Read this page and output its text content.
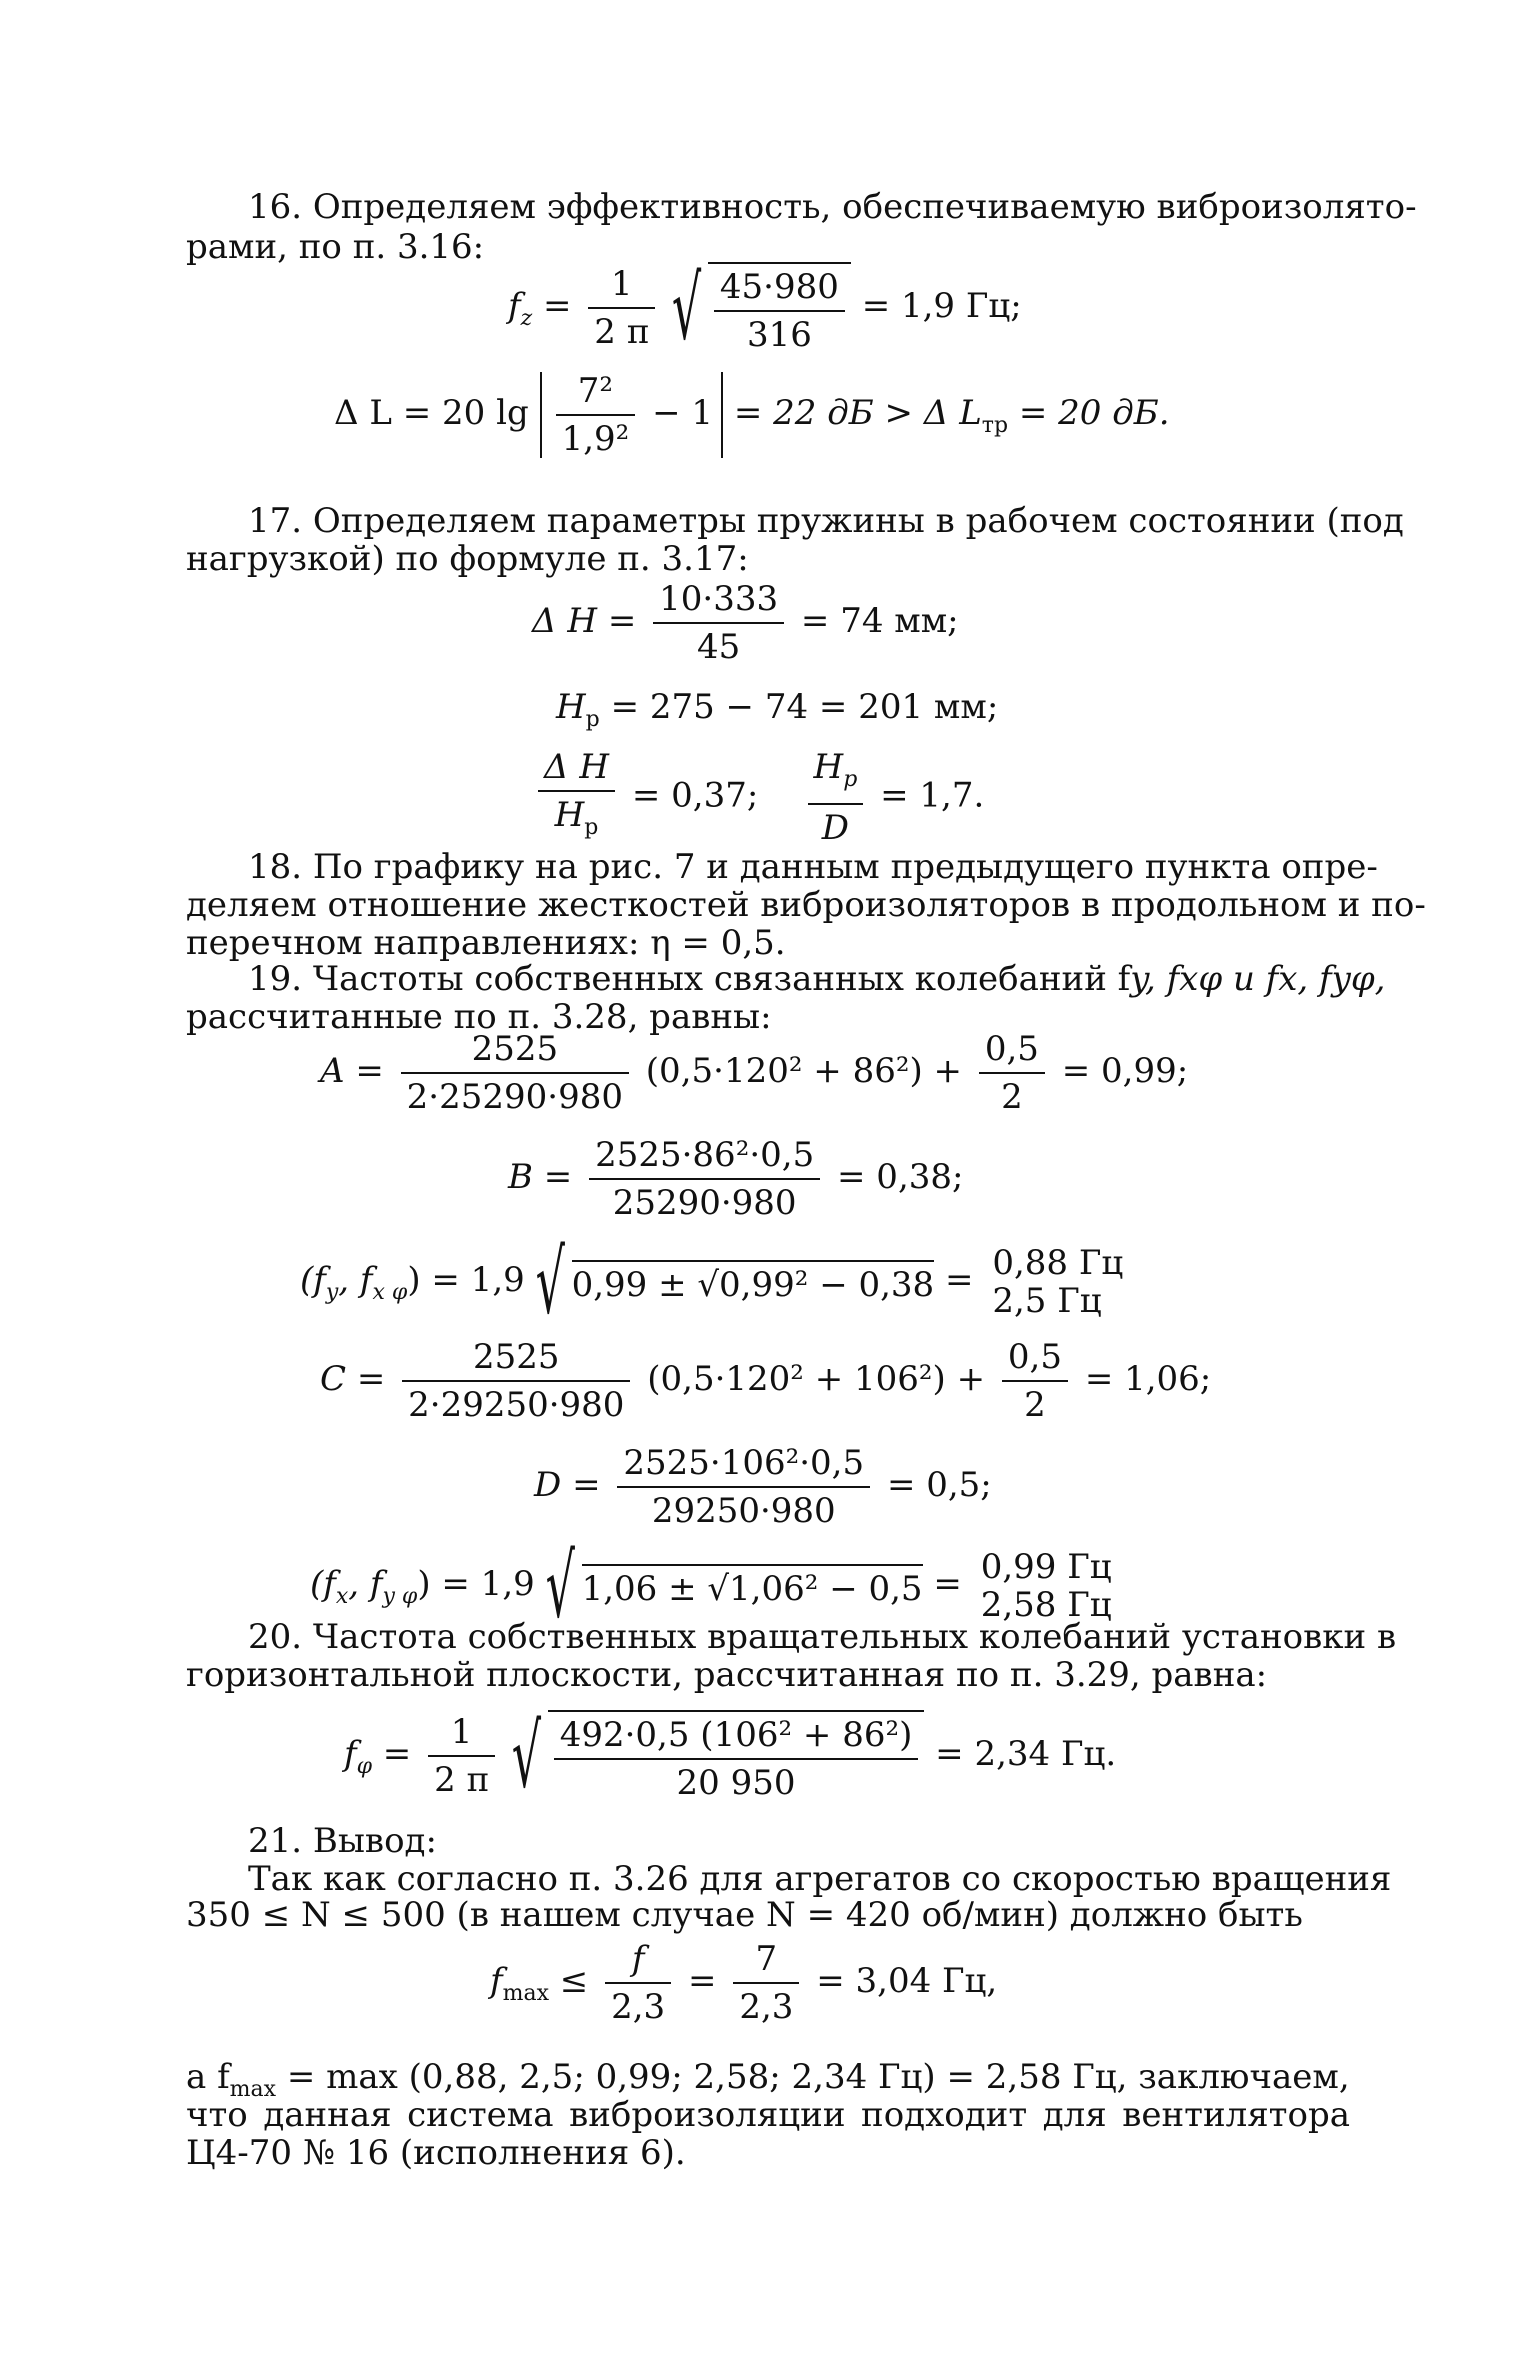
16. Определяем эффективность, обеспечиваемую виброизолято-
рами, по п. 3.16:
$f_z = \frac{1}{2 \pi}$
√ $\frac{45\cdot 980}{316} = 1,9$ Гц;
Δ L = 20 $\lg \frac{\text{7²}}{\text{1,9²}} - 1 = 22$ дБ > Δ $L_{тр} = 20$ дБ.
17. Определяем параметры пружины в рабочем состоянии (под
нагрузкой) по формуле п. 3.17:
Δ $H = \frac{10\cdot 333}{45} = 74$ мм;
$H_р = 275 - 74 = 201$ мм;
$\frac{\text{Δ H}}{H_р} = 0,37$; $\frac{H_p}{D} = 1,7$.
18. По графику на рис. 7 и данным предыдущего пункта опре-
деляем отношение жесткостей виброизоляторов в продольном и по-
перечном направлениях: η = 0,5.
19. Частоты собственных связанных колебаний fy, fxφ и fx, fyφ,
рассчитанные по п. 3.28, равны:
$A = \frac{2525}{2\cdot 25290\cdot 980} (0,5\cdot 120^2 + 86^2) + \frac{0,5}{2} = 0,99$;
$B = \frac{\text{2525·86²·0,5}}{25290\cdot 980} = 0,38$;
($f_y$, $f_{x \varphi}) = 1,9$ √ 0,99 ± √0,99² − 0,38 = 0,88 Гц
2,5 Гц
$C = \frac{2525}{2\cdot 29250\cdot 980} (0,5\cdot 120^2 + 106^2) + \frac{0,5}{2} = 1,06$;
$D = \frac{\text{2525·106²·0,5}}{29250\cdot 980} = 0,5$;
($f_x$, $f_{y \varphi}) = 1,9$ √ 1,06 ± √1,06² − 0,5 = 0,99 Гц
2,58 Гц
20. Частота собственных вращательных колебаний установки в
горизонтальной плоскости, рассчитанная по п. 3.29, равна:
$f_\varphi = \frac{1}{2 \pi}$
√ $\frac{\text{492·0,5 (106² + 86²)}}{20 950} = 2,34$ Гц.
21. Вывод:
Так как согласно п. 3.26 для агрегатов со скоростью вращения
350 ≤ N ≤ 500 (в нашем случае N = 420 об/мин) должно быть
$f_{max} \le \frac{f}{2,3} = \frac{7}{2,3} = 3,04$ Гц,
а $f_{max} = \max (0,88$, 2,5; 0,99; 2,58; 2,34 Гц) = 2,58 Гц, заключаем,
что данная система виброизоляции подходит для вентилятора
Ц4-70 № 16 (исполнения 6).
